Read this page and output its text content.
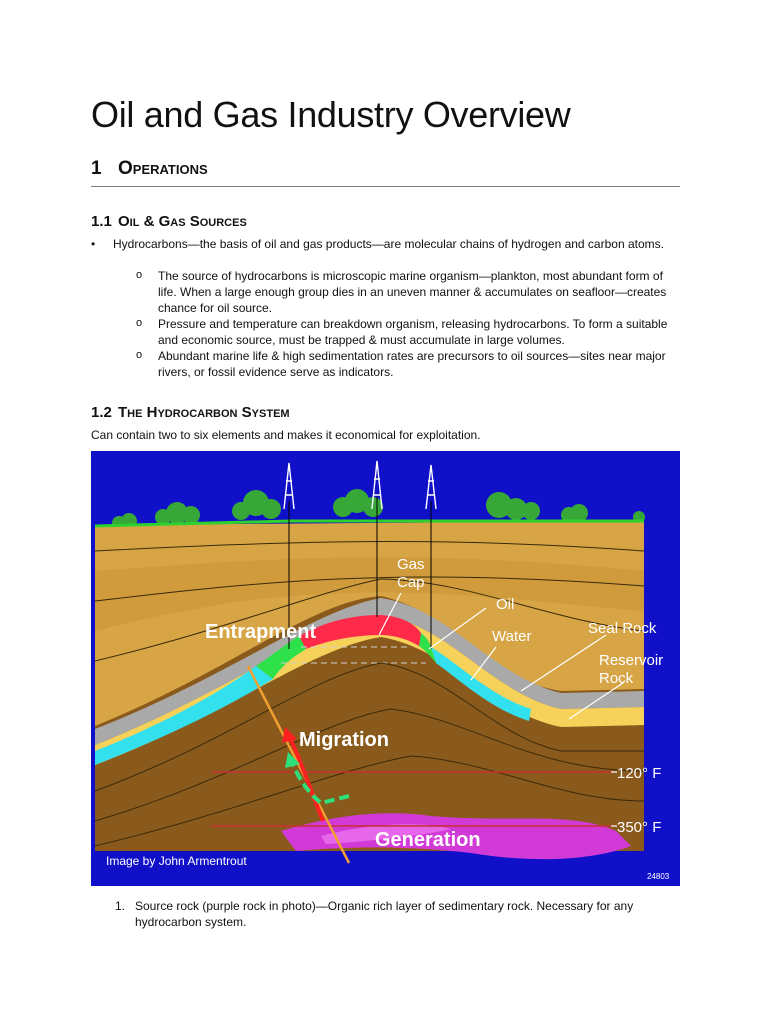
Oil and Gas Industry Overview
1 Operations
1.1 Oil & Gas Sources
• Hydrocarbons—the basis of oil and gas products—are molecular chains of hydrogen and carbon atoms.
o The source of hydrocarbons is microscopic marine organism—plankton, most abundant form of life. When a large enough group dies in an uneven manner & accumulates on seafloor—creates chance for oil source.
o Pressure and temperature can breakdown organism, releasing hydrocarbons. To form a suitable and economic source, must be trapped & must accumulate in large volumes.
o Abundant marine life & high sedimentation rates are precursors to oil sources—sites near major rivers, or fossil evidence serve as indicators.
1.2 The Hydrocarbon System
Can contain two to six elements and makes it economical for exploitation.
Gas
Cap
Oil
Water	Seal Rock
Reservoir
Rock
Entrapment
Migration
Generation
120° F
350° F
Image by John Armentrout
24803
1. Source rock (purple rock in photo)—Organic rich layer of sedimentary rock. Necessary for any hydrocarbon system.
